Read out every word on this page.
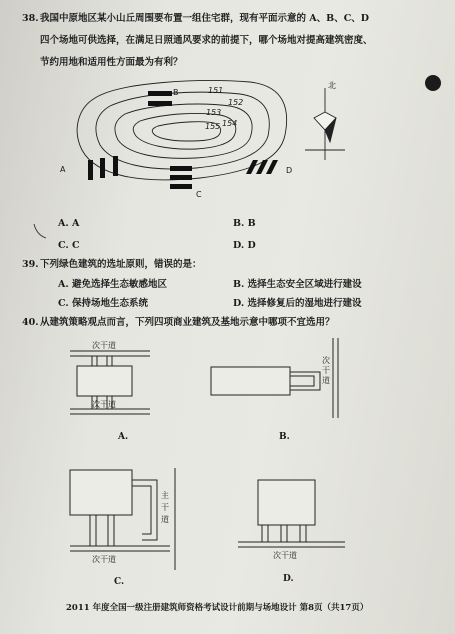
38. 我国中原地区某小山丘周围要布置一组住宅群，现有平面示意的 A、B、C、D
四个场地可供选择，在满足日照通风要求的前提下，哪个场地对提高建筑密度、
节约用地和适用性方面最为有利？
B
A
C
D
151
152
153
154
155
北
A. A	B. B
C. C	D. D
39. 下列绿色建筑的选址原则，错误的是：
A. 避免选择生态敏感地区	B. 选择生态安全区域进行建设
C. 保持场地生态系统	D. 选择修复后的湿地进行建设
40. 从建筑策略观点而言，下列四项商业建筑及基地示意中哪项不宜选用？
次干道
次干道
A.
次干道
B.
主干道
次干道
C.
次干道
D.
2011 年度全国一级注册建筑师资格考试设计前期与场地设计 第8页（共17页）
